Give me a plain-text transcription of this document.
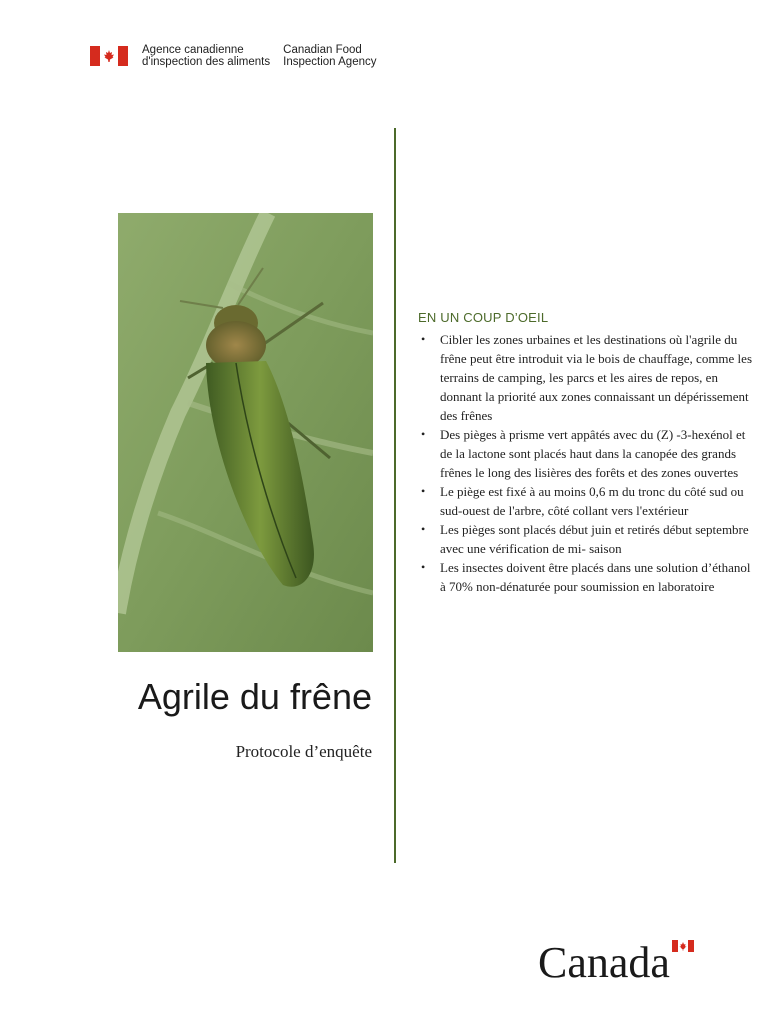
Agence canadienne
d'inspection des aliments
Canadian Food
Inspection Agency
Agrile du frêne
Protocole d’enquête
EN UN COUP D’OEIL
• Cibler les zones urbaines et les destinations où l'agrile du frêne peut être introduit via le bois de chauffage, comme les terrains de camping, les parcs et les aires de repos, en donnant la priorité aux zones connaissant un dépérissement des frênes
• Des pièges à prisme vert appâtés avec du (Z) -3-hexénol et de la lactone sont placés haut dans la canopée des grands frênes le long des lisières des forêts et des zones ouvertes
• Le piège est fixé à au moins 0,6 m du tronc du côté sud ou sud-ouest de l'arbre, côté collant vers l'extérieur
• Les pièges sont placés début juin et retirés début septembre avec une vérification de mi- saison
• Les insectes doivent être placés dans une solution d’éthanol à 70% non-dénaturée pour soumission en laboratoire
Canada
